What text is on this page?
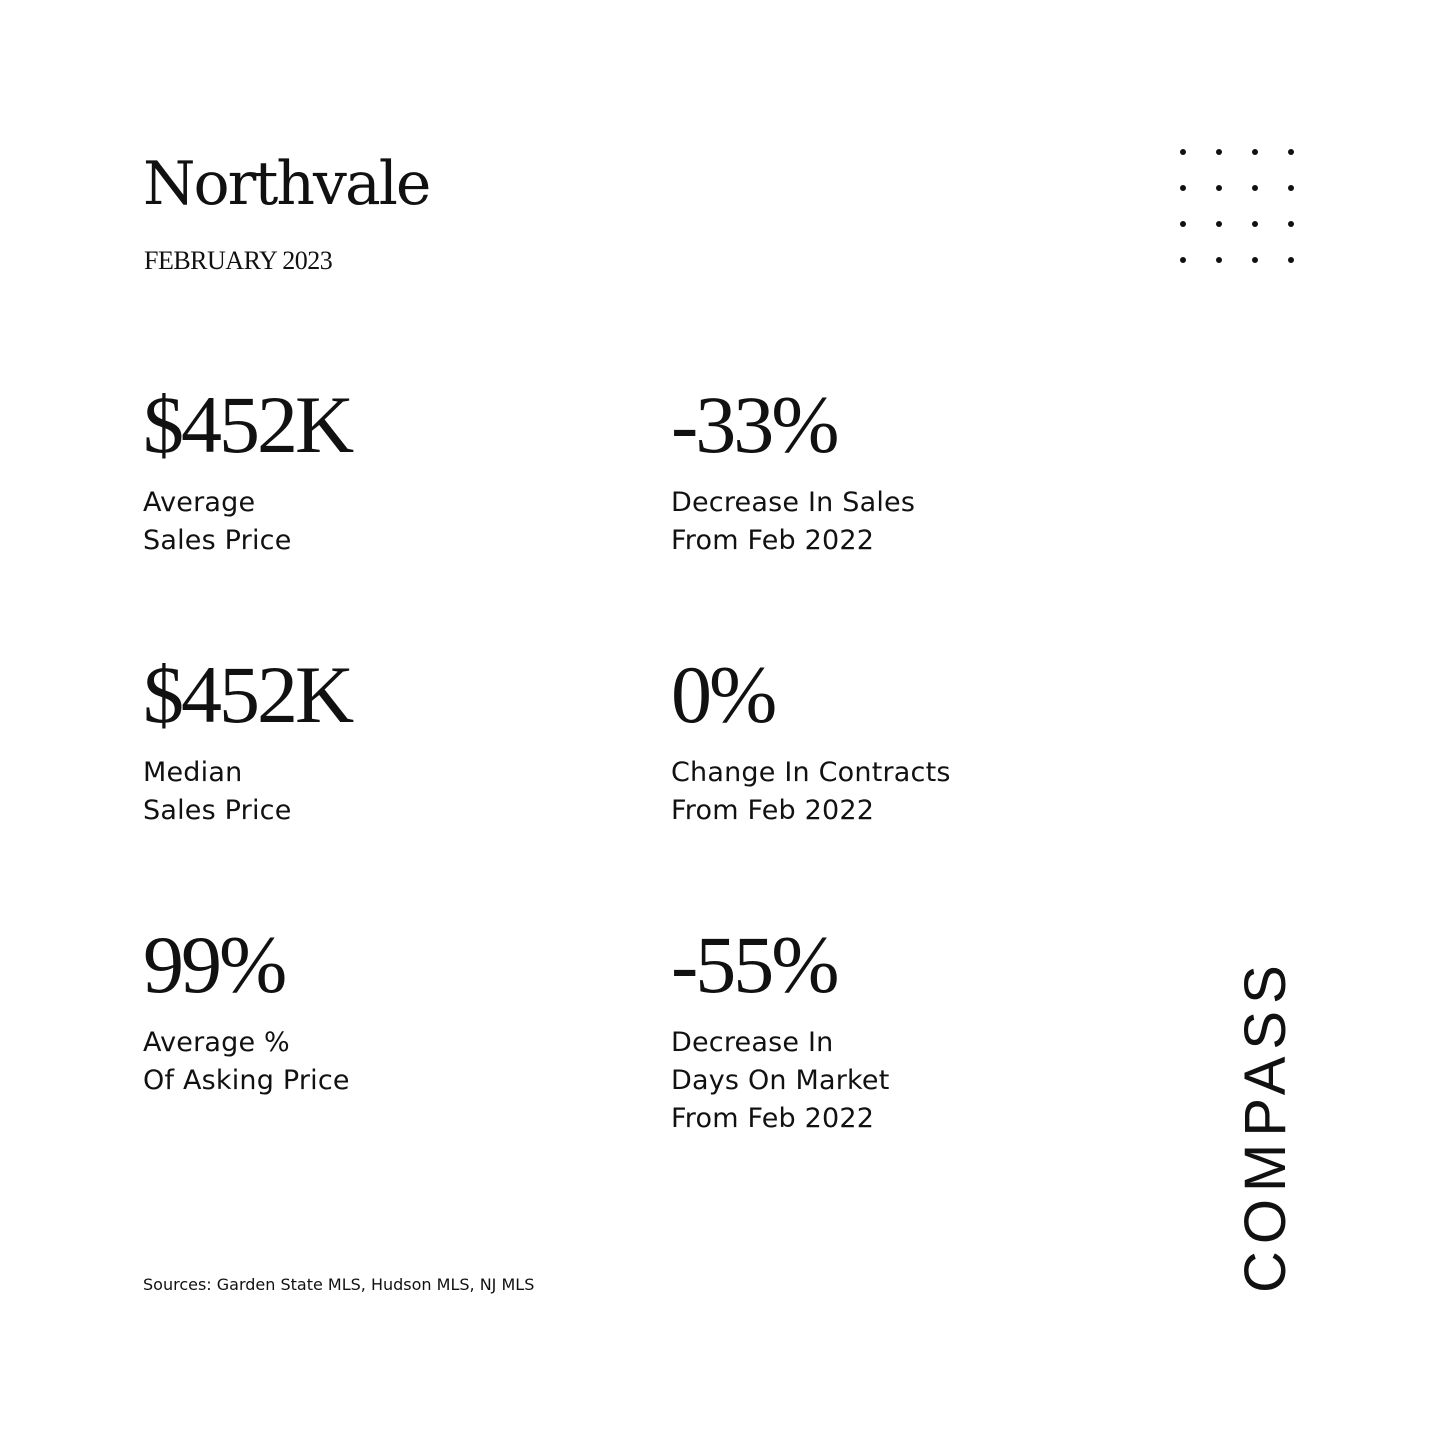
Northvale
FEBRUARY 2023
$452K
Average
Sales Price
-33%
Decrease In Sales
From Feb 2022
$452K
Median
Sales Price
0%
Change In Contracts
From Feb 2022
99%
Average %
Of Asking Price
-55%
Decrease In
Days On Market
From Feb 2022
Sources: Garden State MLS, Hudson MLS, NJ MLS	COMPASS
